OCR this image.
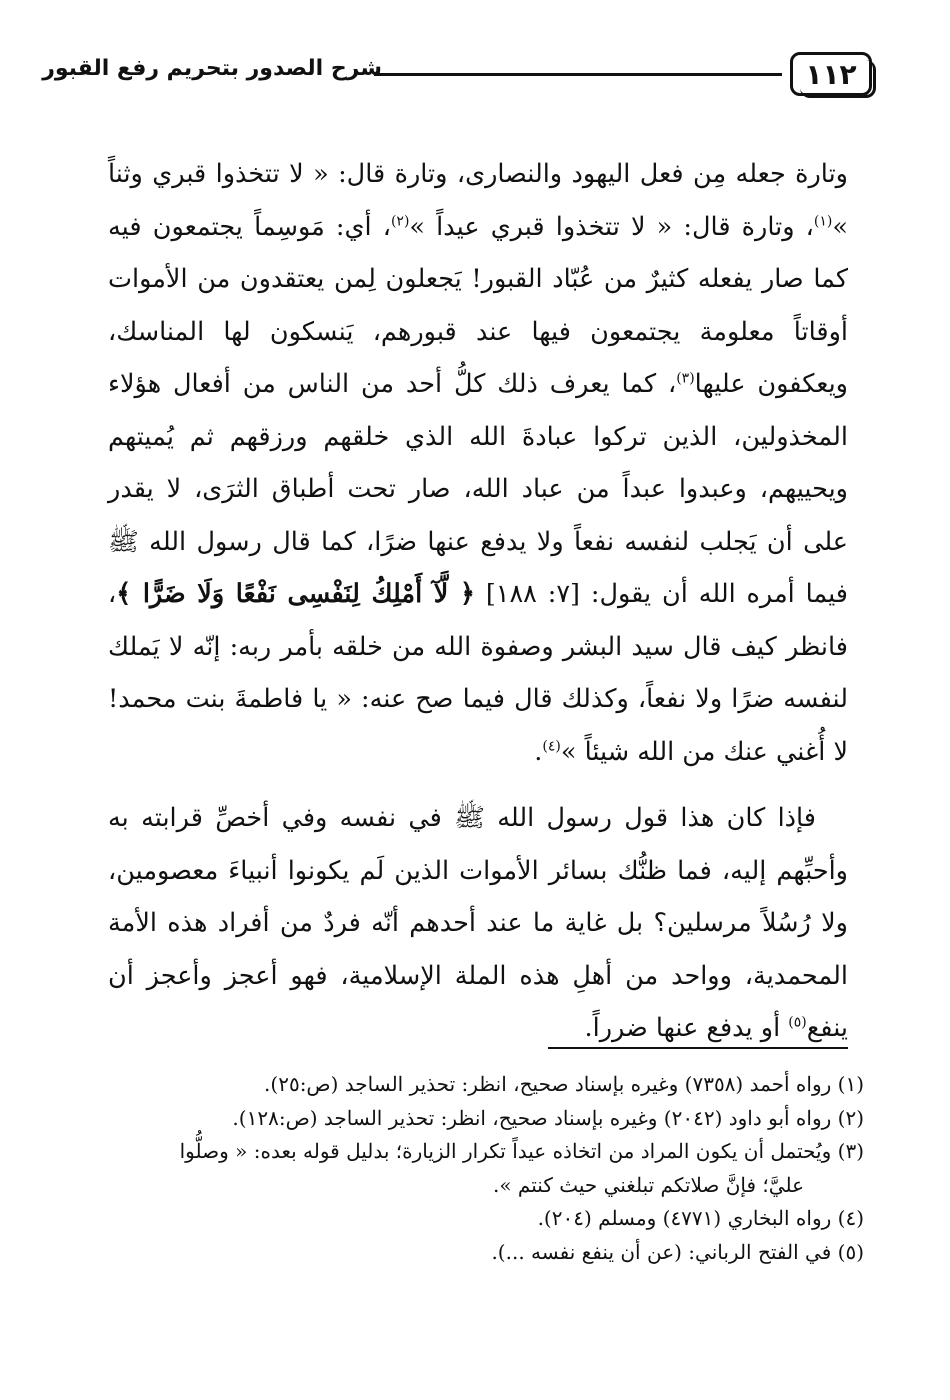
١١٢
شرح الصدور بتحريم رفع القبور

وتارة جعله مِن فعل اليهود والنصارى، وتارة قال: « لا تتخذوا قبري وثناً »$^{(١)}$، وتارة قال: « لا تتخذوا قبري عيداً »$^{(٢)}$، أي: مَوسِماً يجتمعون فيه كما صار يفعله كثيرٌ من عُبّاد القبور! يَجعلون لِمن يعتقدون من الأموات أوقاتاً معلومة يجتمعون فيها عند قبورهم، يَنسكون لها المناسك، ويعكفون عليها$^{(٣)}$، كما يعرف ذلك كلُّ أحد من الناس من أفعال هؤلاء المخذولين، الذين تركوا عبادةَ الله الذي خلقهم ورزقهم ثم يُميتهم ويحييهم، وعبدوا عبداً من عباد الله، صار تحت أطباق الثرَى، لا يقدر على أن يَجلب لنفسه نفعاً ولا يدفع عنها ضرًا، كما قال رسول الله ﷺ فيما أمره الله أن يقول: [٧: ١٨٨] ﴿ لَّآ أَمْلِكُ لِنَفْسِى نَفْعًا وَلَا ضَرًّا ﴾، فانظر كيف قال سيد البشر وصفوة الله من خلقه بأمر ربه: إنّه لا يَملك لنفسه ضرًا ولا نفعاً، وكذلك قال فيما صح عنه: « يا فاطمةَ بنت محمد! لا أُغني عنك من الله شيئاً »$^{(٤)}$.

فإذا كان هذا قول رسول الله ﷺ في نفسه وفي أخصِّ قرابته به وأحبِّهم إليه، فما ظنُّك بسائر الأموات الذين لَم يكونوا أنبياءَ معصومين، ولا رُسُلاً مرسلين؟ بل غاية ما عند أحدهم أنّه فردٌ من أفراد هذه الأمة المحمدية، وواحد من أهلِ هذه الملة الإسلامية، فهو أعجز وأعجز أن ينفع$^{(٥)}$ أو يدفع عنها ضرراً.

(١) رواه أحمد (٧٣٥٨) وغيره بإسناد صحيح، انظر: تحذير الساجد (ص:٢٥).

(٢) رواه أبو داود (٢٠٤٢) وغيره بإسناد صحيح، انظر: تحذير الساجد (ص:١٢٨).

(٣) ويُحتمل أن يكون المراد من اتخاذه عيداً تكرار الزيارة؛ بدليل قوله بعده: « وصلُّوا

عليَّ؛ فإنَّ صلاتكم تبلغني حيث كنتم ».

(٤) رواه البخاري (٤٧٧١) ومسلم (٢٠٤).

(٥) في الفتح الرباني: (عن أن ينفع نفسه ...).
